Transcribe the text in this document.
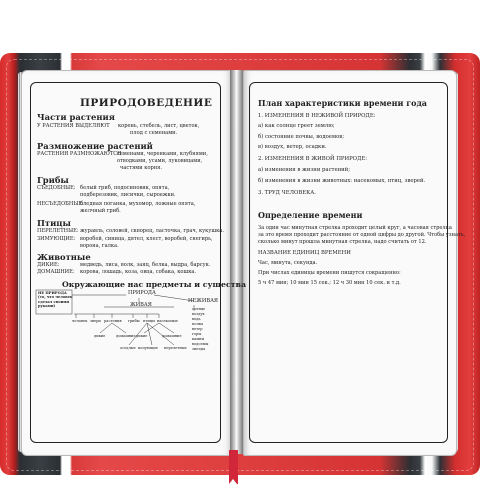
ПРИРОДОВЕДЕНИЕ
Части растения
У РАСТЕНИЯ ВЫДЕЛЯЮТ корень, стебель, лист, цветок,
плод с семенами.
Размножение растений
РАСТЕНИЯ РАЗМНОЖАЮТСЯ
семенами, черенками, клубнями,
отводками, усами, луковицами,
частями корня.
Грибы
СЪЕДОБНЫЕ: белый гриб, подосиновик, опята,
подберезовик, лисички, сыроежки.
НЕСЪЕДОБНЫЕ:
бледная поганка, мухомор, ложные опята,
желчный гриб.
Птицы
ПЕРЕЛЕТНЫЕ: журавль, соловей, скворец, ласточка, грач, кукушка.
ЗИМУЮЩИЕ: воробей, синица, дятел, клест, воробей, снегирь,
ворона, галка.
Животные
ДИКИЕ:	медведь, лиса, волк, заяц, белка, выдра, барсук.
ДОМАШНИЕ: корова, лошадь, коза, овца, собака, кошка.
Окружающие нас предметы и существа
НЕ ПРИРОДА
(то, что человек
сделал своими
руками)
ПРИРОДА
ЖИВАЯ
НЕЖИВАЯ
человек звери растения грибы птицы насекомые
дикие	домашние дикие	домашние
оседлые кочующие перелетные
солнце
воздух
вода
почва
ветер
горы
камни
водоемы
звезды
План характеристики времени года
1. ИЗМЕНЕНИЯ В НЕЖИВОЙ ПРИРОДЕ:
а) как солнце греет землю;
б) состояние почвы, водоемов;
в) воздух, ветер, осадки.
2. ИЗМЕНЕНИЯ В ЖИВОЙ ПРИРОДЕ:
а) изменения в жизни растений;
б) изменения в жизни животных: насекомых, птиц, зверей.
3. ТРУД ЧЕЛОВЕКА.
Определение времени
За один час минутная стрелка проходит целый круг, а часовая стрелка
за это время проходит расстояние от одной цифры до другой. Чтобы узнать,
сколько минут прошла минутная стрелка, надо считать от 12.
НАЗВАНИЕ ЕДИНИЦ ВРЕМЕНИ
Час, минута, секунда.
При числах единицы времени пишутся сокращенно:
5 ч 47 мин; 10 мин 15 сек.; 12 ч 30 мин 10 сек. и т.д.
